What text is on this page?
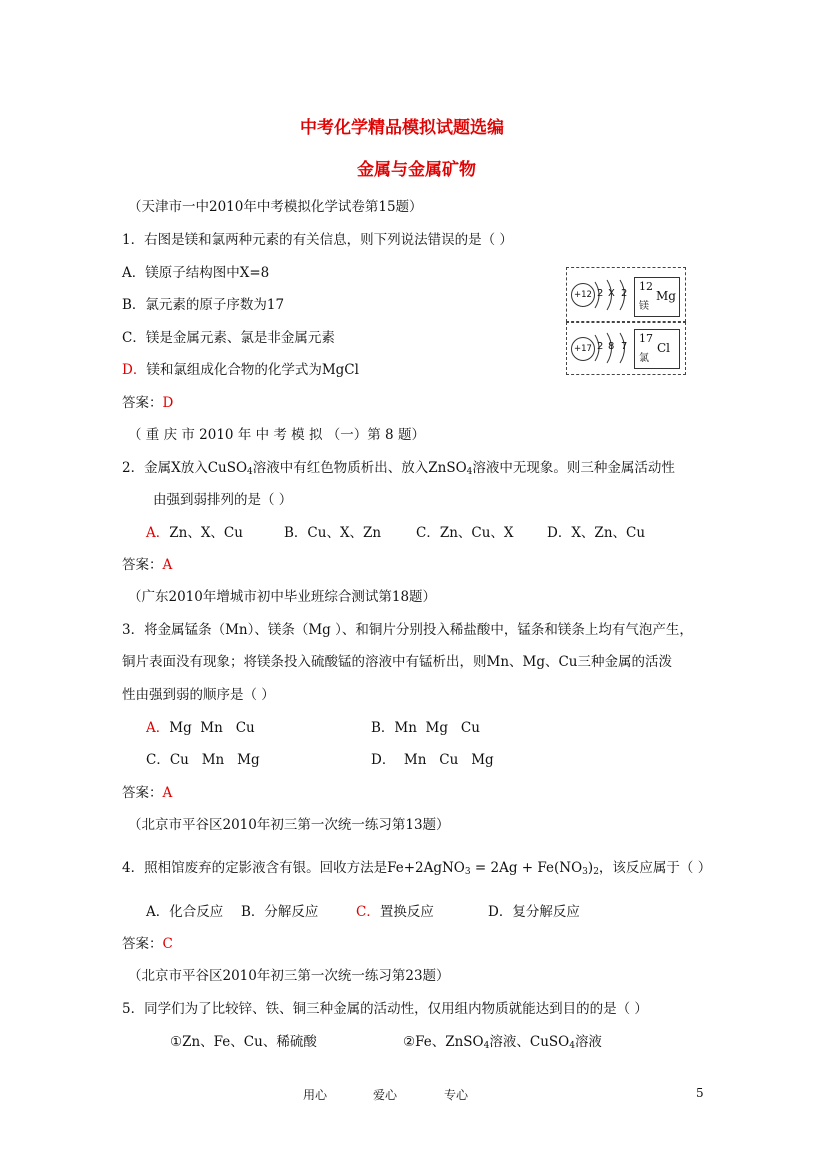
中考化学精品模拟试题选编
金属与金属矿物
（天津市一中2010年中考模拟化学试卷第15题）
1．右图是镁和氯两种元素的有关信息，则下列说法错误的是（ ）
A．镁原子结构图中X=8
B．氯元素的原子序数为17
C．镁是金属元素、氯是非金属元素
D．镁和氯组成化合物的化学式为MgCl
答案：D
+12 2 X 2
12
镁
Mg
+17 2 8 7
17
氯
Cl
（ 重 庆 市 2010 年 中 考 模 拟 （一）第 8 题）
2．金属X放入CuSO$_4$溶液中有红色物质析出、放入ZnSO$_4$溶液中无现象。则三种金属活动性
由强到弱排列的是（ ）
A．Zn、X、Cu	B．Cu、X、Zn	C．Zn、Cu、X D．X、Zn、Cu
答案：A
（广东2010年增城市初中毕业班综合测试第18题）
3．将金属锰条（Mn）、镁条（Mg ）、和铜片分别投入稀盐酸中，锰条和镁条上均有气泡产生，
铜片表面没有现象；将镁条投入硫酸锰的溶液中有锰析出，则Mn、Mg、Cu三种金属的活泼
性由强到弱的顺序是（ ）
A．Mg  Mn   Cu	B．Mn  Mg   Cu
C．Cu   Mn   Mg	D．  Mn   Cu   Mg
答案：A
（北京市平谷区2010年初三第一次统一练习第13题）
4．照相馆废弃的定影液含有银。回收方法是Fe+2AgNO$_3$ = $2Ag + Fe(NO_3)_2$，该反应属于（ ）
A．化合反应 B．分解反应	C．置换反应	D．复分解反应
答案：C
（北京市平谷区2010年初三第一次统一练习第23题）
5．同学们为了比较锌、铁、铜三种金属的活动性，仅用组内物质就能达到目的的是（ ）
①Zn、Fe、Cu、稀硫酸	②Fe、ZnSO$_4$溶液、CuSO$_4$溶液
用心	爱心	专心	5
